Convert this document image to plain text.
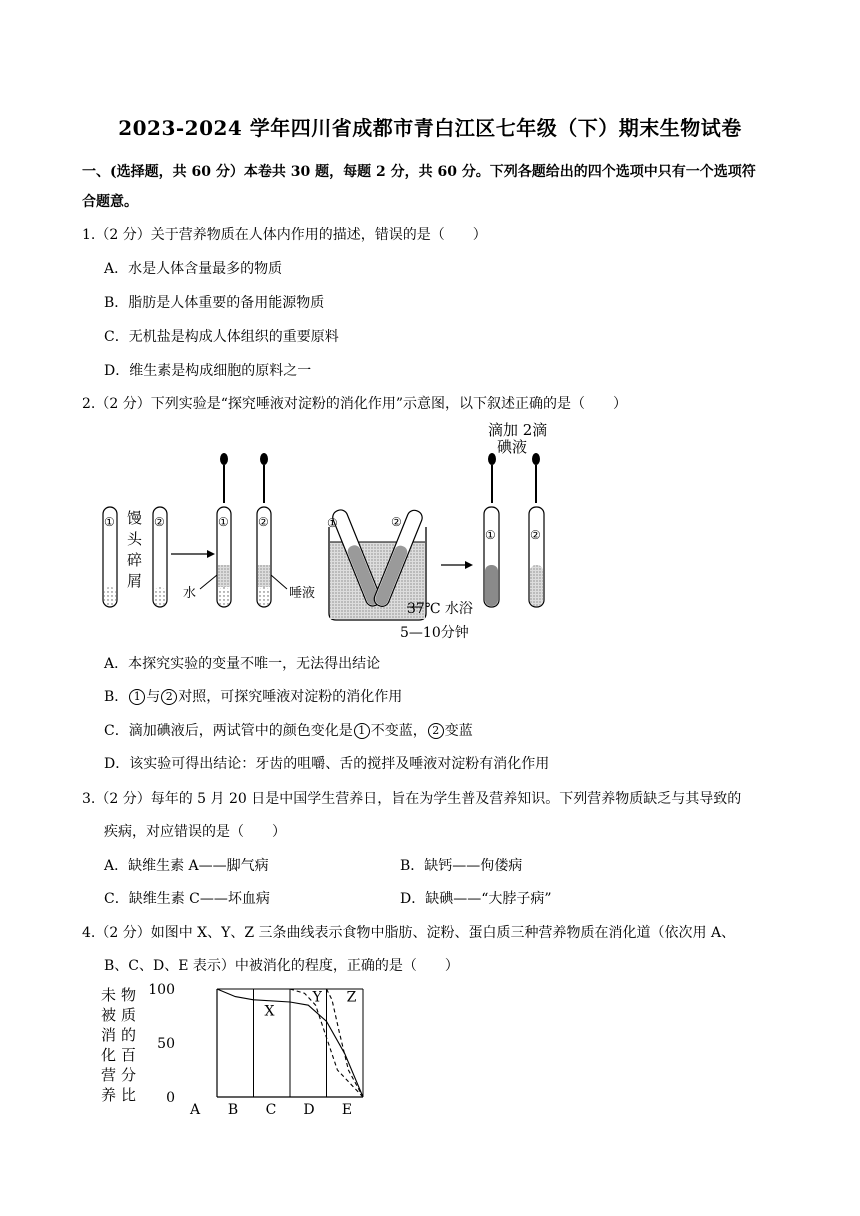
2023-2024 学年四川省成都市青白江区七年级（下）期末生物试卷
一、(选择题，共 60 分）本卷共 30 题，每题 2 分，共 60 分。下列各题给出的四个选项中只有一个选项符
合题意。
1.（2 分）关于营养物质在人体内作用的描述，错误的是（　　）
A．水是人体含量最多的物质
B．脂肪是人体重要的备用能源物质
C．无机盐是构成人体组织的重要原料
D．维生素是构成细胞的原料之一
2.（2 分）下列实验是“探究唾液对淀粉的消化作用”示意图，以下叙述正确的是（　　）
① 馒
头
碎
屑
②	① ②
水	唾液
①	②
37℃ 水浴
5—10分钟
滴加 2滴
碘液
①	②
A．本探究实验的变量不唯一，无法得出结论
B． 1 与 2 对照，可探究唾液对淀粉的消化作用
C．滴加碘液后，两试管中的颜色变化是 1 不变蓝， 2 变蓝
D．该实验可得出结论：牙齿的咀嚼、舌的搅拌及唾液对淀粉有消化作用
3.（2 分）每年的 5 月 20 日是中国学生营养日，旨在为学生普及营养知识。下列营养物质缺乏与其导致的
疾病，对应错误的是（　　）
A．缺维生素 A——脚气病	B．缺钙——佝偻病
C．缺维生素 C——坏血病	D．缺碘——“大脖子病”
4.（2 分）如图中 X、Y、Z 三条曲线表示食物中脂肪、淀粉、蛋白质三种营养物质在消化道（依次用 A、
B、C、D、E 表示）中被消化的程度，正确的是（　　）
未
被
消
化
营
养
物
质
的
百
分
比
100
50
0
A B C D E
X
Y Z
